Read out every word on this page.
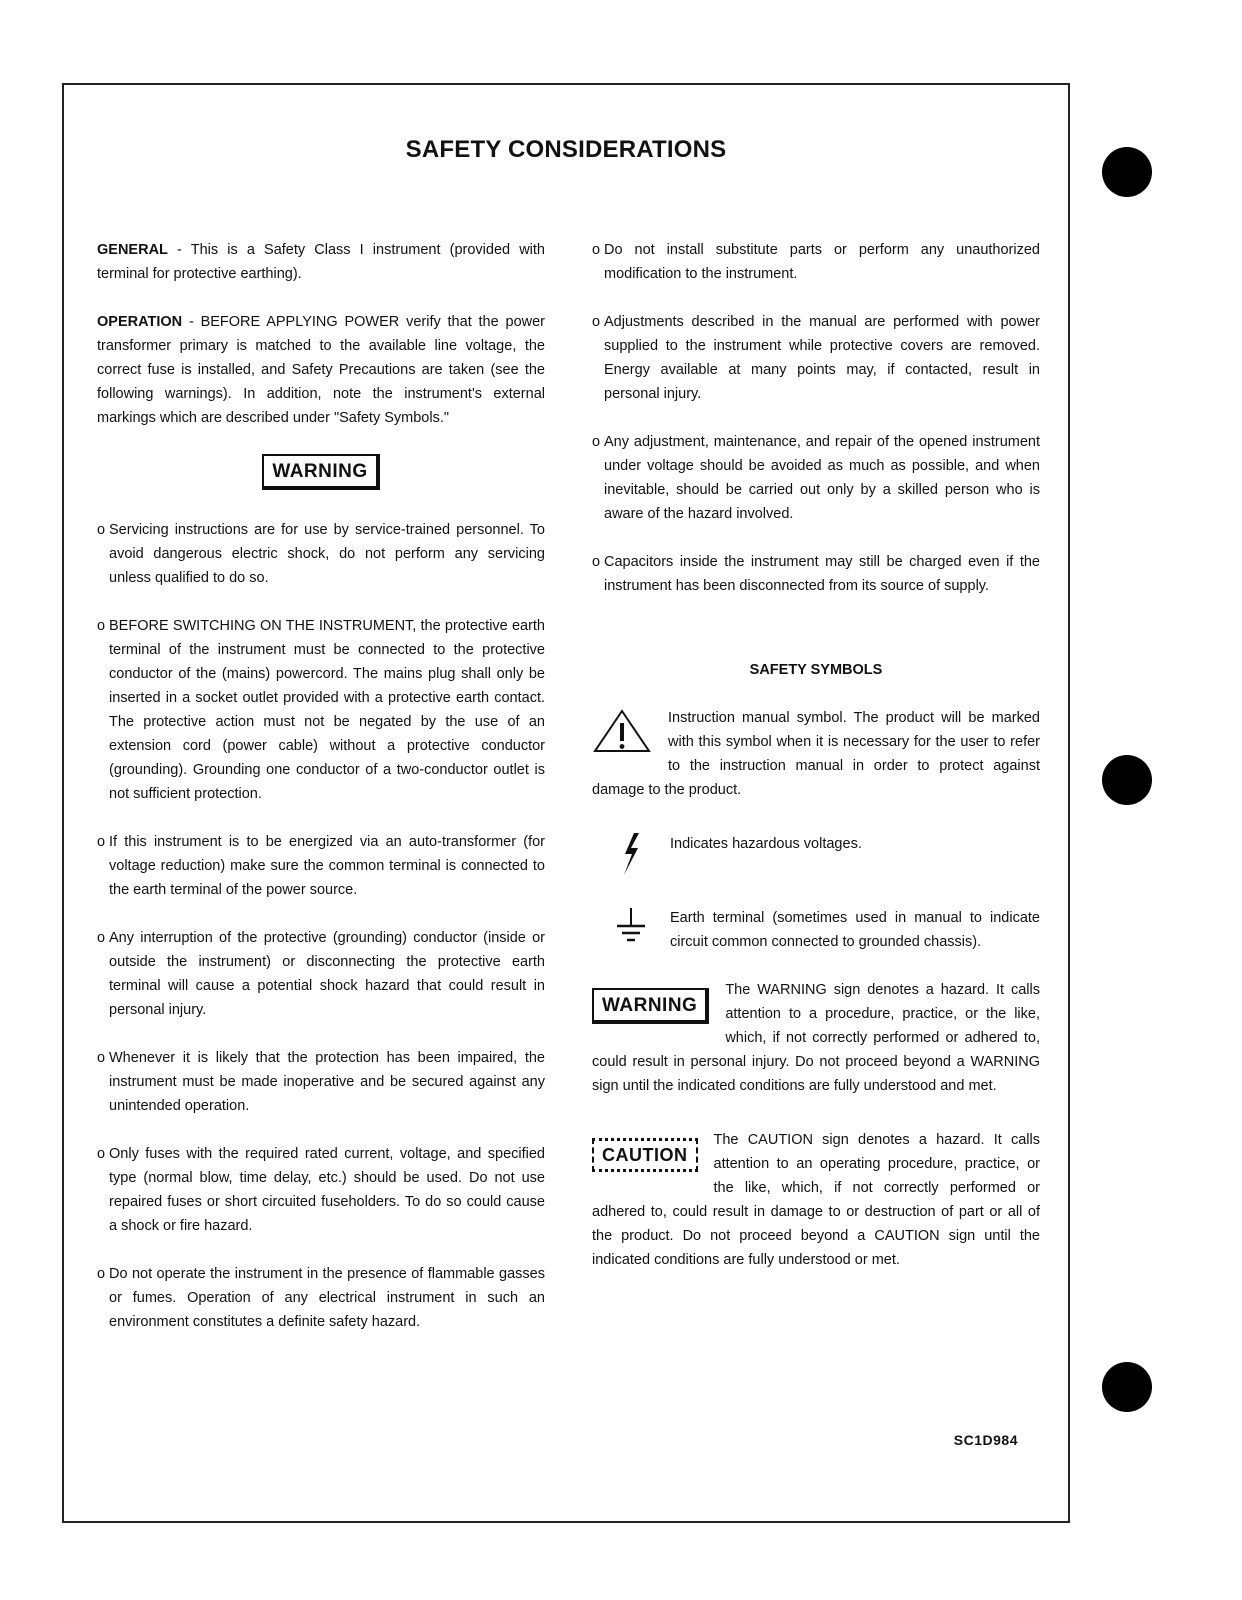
SAFETY CONSIDERATIONS

GENERAL - This is a Safety Class I instrument (provided with terminal for protective earthing).

OPERATION - BEFORE APPLYING POWER verify that the power transformer primary is matched to the available line voltage, the correct fuse is installed, and Safety Precautions are taken (see the following warnings). In addition, note the instrument's external markings which are described under "Safety Symbols."

WARNING
o Servicing instructions are for use by service-trained personnel. To avoid dangerous electric shock, do not perform any servicing unless qualified to do so.
o BEFORE SWITCHING ON THE INSTRUMENT, the protective earth terminal of the instrument must be connected to the protective conductor of the (mains) powercord. The mains plug shall only be inserted in a socket outlet provided with a protective earth contact. The protective action must not be negated by the use of an extension cord (power cable) without a protective conductor (grounding). Grounding one conductor of a two-conductor outlet is not sufficient protection.
o If this instrument is to be energized via an auto-transformer (for voltage reduction) make sure the common terminal is connected to the earth terminal of the power source.
o Any interruption of the protective (grounding) conductor (inside or outside the instrument) or disconnecting the protective earth terminal will cause a potential shock hazard that could result in personal injury.
o Whenever it is likely that the protection has been impaired, the instrument must be made inoperative and be secured against any unintended operation.
o Only fuses with the required rated current, voltage, and specified type (normal blow, time delay, etc.) should be used. Do not use repaired fuses or short circuited fuseholders. To do so could cause a shock or fire hazard.
o Do not operate the instrument in the presence of flammable gasses or fumes. Operation of any electrical instrument in such an environment constitutes a definite safety hazard.
o Do not install substitute parts or perform any unauthorized modification to the instrument.
o Adjustments described in the manual are performed with power supplied to the instrument while protective covers are removed. Energy available at many points may, if contacted, result in personal injury.
o Any adjustment, maintenance, and repair of the opened instrument under voltage should be avoided as much as possible, and when inevitable, should be carried out only by a skilled person who is aware of the hazard involved.
o Capacitors inside the instrument may still be charged even if the instrument has been disconnected from its source of supply.
SAFETY SYMBOLS
Instruction manual symbol. The product will be marked with this symbol when it is necessary for the user to refer to the instruction manual in order to protect against damage to the product.
Indicates hazardous voltages.
Earth terminal (sometimes used in manual to indicate circuit common connected to grounded chassis).
WARNING
The WARNING sign denotes a hazard. It calls attention to a procedure, practice, or the like, which, if not correctly performed or adhered to, could result in personal injury. Do not proceed beyond a WARNING sign until the indicated conditions are fully understood and met.
CAUTION
The CAUTION sign denotes a hazard. It calls attention to an operating procedure, practice, or the like, which, if not correctly performed or adhered to, could result in damage to or destruction of part or all of the product. Do not proceed beyond a CAUTION sign until the indicated conditions are fully understood or met.
SC1D984
